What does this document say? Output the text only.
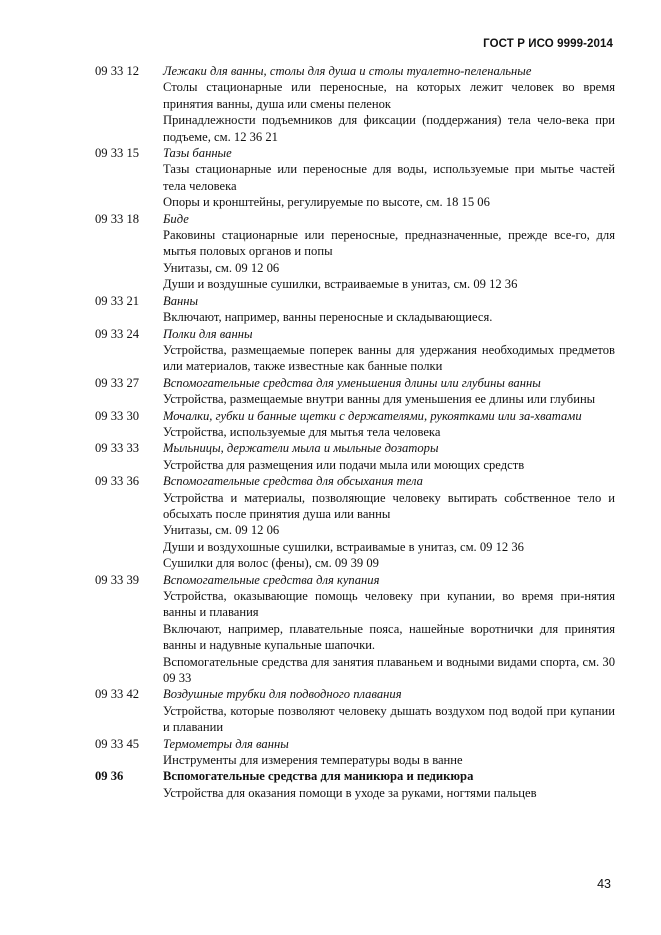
ГОСТ Р ИСО 9999-2014
09 33 12	Лежаки для ванны, столы для душа и столы туалетно-пеленальные
Столы стационарные или переносные, на которых лежит человек во время принятия ванны, душа или смены пеленок
Принадлежности подъемников для фиксации (поддержания) тела чело-века при подъеме, см. 12 36 21
09 33 15	Тазы банные
Тазы стационарные или переносные для воды, используемые при мытье частей тела человека
Опоры и кронштейны, регулируемые по высоте, см. 18 15 06
09 33 18	Биде
Раковины стационарные или переносные, предназначенные, прежде все-го, для мытья половых органов и попы
Унитазы, см. 09 12 06
Души и воздушные сушилки, встраиваемые в унитаз, см. 09 12 36
09 33 21	Ванны
Включают, например, ванны переносные и складывающиеся.
09 33 24	Полки для ванны
Устройства, размещаемые поперек ванны для удержания необходимых предметов или материалов, также известные как банные полки
09 33 27	Вспомогательные средства для уменьшения длины или глубины ванны
Устройства, размещаемые внутри ванны для уменьшения ее длины или глубины
09 33 30	Мочалки, губки и банные щетки с держателями, рукоятками или за-хватами
Устройства, используемые для мытья тела человека
09 33 33	Мыльницы, держатели мыла и мыльные дозаторы
Устройства для размещения или подачи мыла или моющих средств
09 33 36	Вспомогательные средства для обсыхания тела
Устройства и материалы, позволяющие человеку вытирать собственное тело и обсыхать после принятия душа или ванны
Унитазы, см. 09 12 06
Души и воздухошные сушилки, встраивамые в унитаз, см. 09 12 36
Сушилки для волос (фены), см. 09 39 09
09 33 39	Вспомогательные средства для купания
Устройства, оказывающие помощь человеку при купании, во время при-нятия ванны и плавания
Включают, например, плавательные пояса, нашейные воротнички для принятия ванны и надувные купальные шапочки.
Вспомогательные средства для занятия плаваньем и водными видами спорта, см. 30 09 33
09 33 42	Воздушные трубки для подводного плавания
Устройства, которые позволяют человеку дышать воздухом под водой при купании и плавании
09 33 45	Термометры для ванны
Инструменты для измерения температуры воды в ванне
09 36	Вспомогательные средства для маникюра и педикюра
Устройства для оказания помощи в уходе за руками, ногтями пальцев
43
